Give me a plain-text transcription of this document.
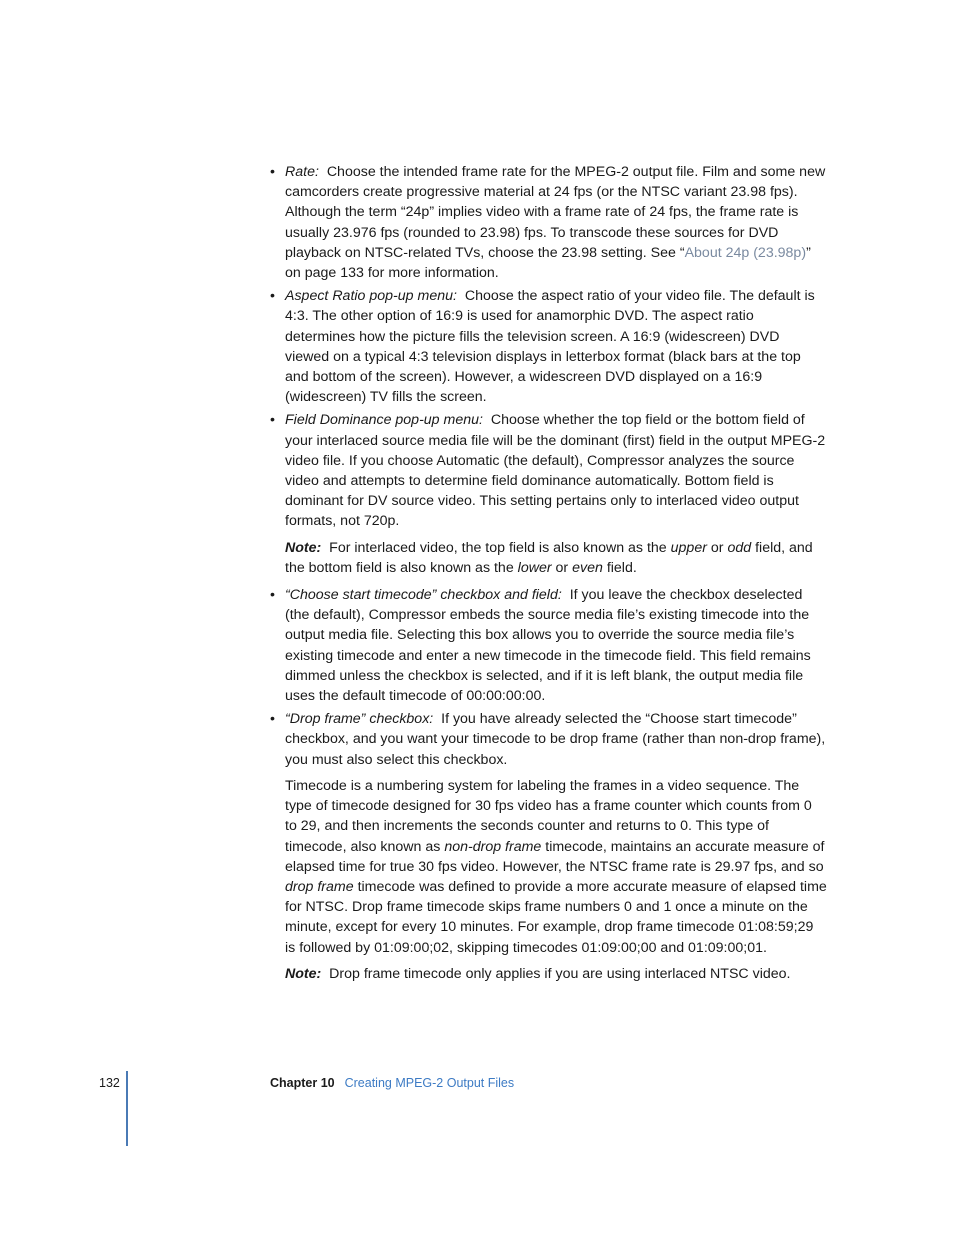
• Rate: Choose the intended frame rate for the MPEG-2 output file. Film and some new camcorders create progressive material at 24 fps (or the NTSC variant 23.98 fps). Although the term “24p” implies video with a frame rate of 24 fps, the frame rate is usually 23.976 fps (rounded to 23.98) fps. To transcode these sources for DVD playback on NTSC-related TVs, choose the 23.98 setting. See “About 24p (23.98p)” on page 133 for more information.

• Aspect Ratio pop-up menu: Choose the aspect ratio of your video file. The default is 4:3. The other option of 16:9 is used for anamorphic DVD. The aspect ratio determines how the picture fills the television screen. A 16:9 (widescreen) DVD viewed on a typical 4:3 television displays in letterbox format (black bars at the top and bottom of the screen). However, a widescreen DVD displayed on a 16:9 (widescreen) TV fills the screen.

• Field Dominance pop-up menu: Choose whether the top field or the bottom field of your interlaced source media file will be the dominant (first) field in the output MPEG-2 video file. If you choose Automatic (the default), Compressor analyzes the source video and attempts to determine field dominance automatically. Bottom field is dominant for DV source video. This setting pertains only to interlaced video output formats, not 720p.

Note: For interlaced video, the top field is also known as the upper or odd field, and the bottom field is also known as the lower or even field.

• “Choose start timecode” checkbox and field: If you leave the checkbox deselected (the default), Compressor embeds the source media file’s existing timecode into the output media file. Selecting this box allows you to override the source media file’s existing timecode and enter a new timecode in the timecode field. This field remains dimmed unless the checkbox is selected, and if it is left blank, the output media file uses the default timecode of 00:00:00:00.

• “Drop frame” checkbox: If you have already selected the “Choose start timecode” checkbox, and you want your timecode to be drop frame (rather than non-drop frame), you must also select this checkbox.

Timecode is a numbering system for labeling the frames in a video sequence. The type of timecode designed for 30 fps video has a frame counter which counts from 0 to 29, and then increments the seconds counter and returns to 0. This type of timecode, also known as non-drop frame timecode, maintains an accurate measure of elapsed time for true 30 fps video. However, the NTSC frame rate is 29.97 fps, and so drop frame timecode was defined to provide a more accurate measure of elapsed time for NTSC. Drop frame timecode skips frame numbers 0 and 1 once a minute on the minute, except for every 10 minutes. For example, drop frame timecode 01:08:59;29 is followed by 01:09:00;02, skipping timecodes 01:09:00;00 and 01:09:00;01.

Note: Drop frame timecode only applies if you are using interlaced NTSC video.

132	Chapter 10 Creating MPEG-2 Output Files
